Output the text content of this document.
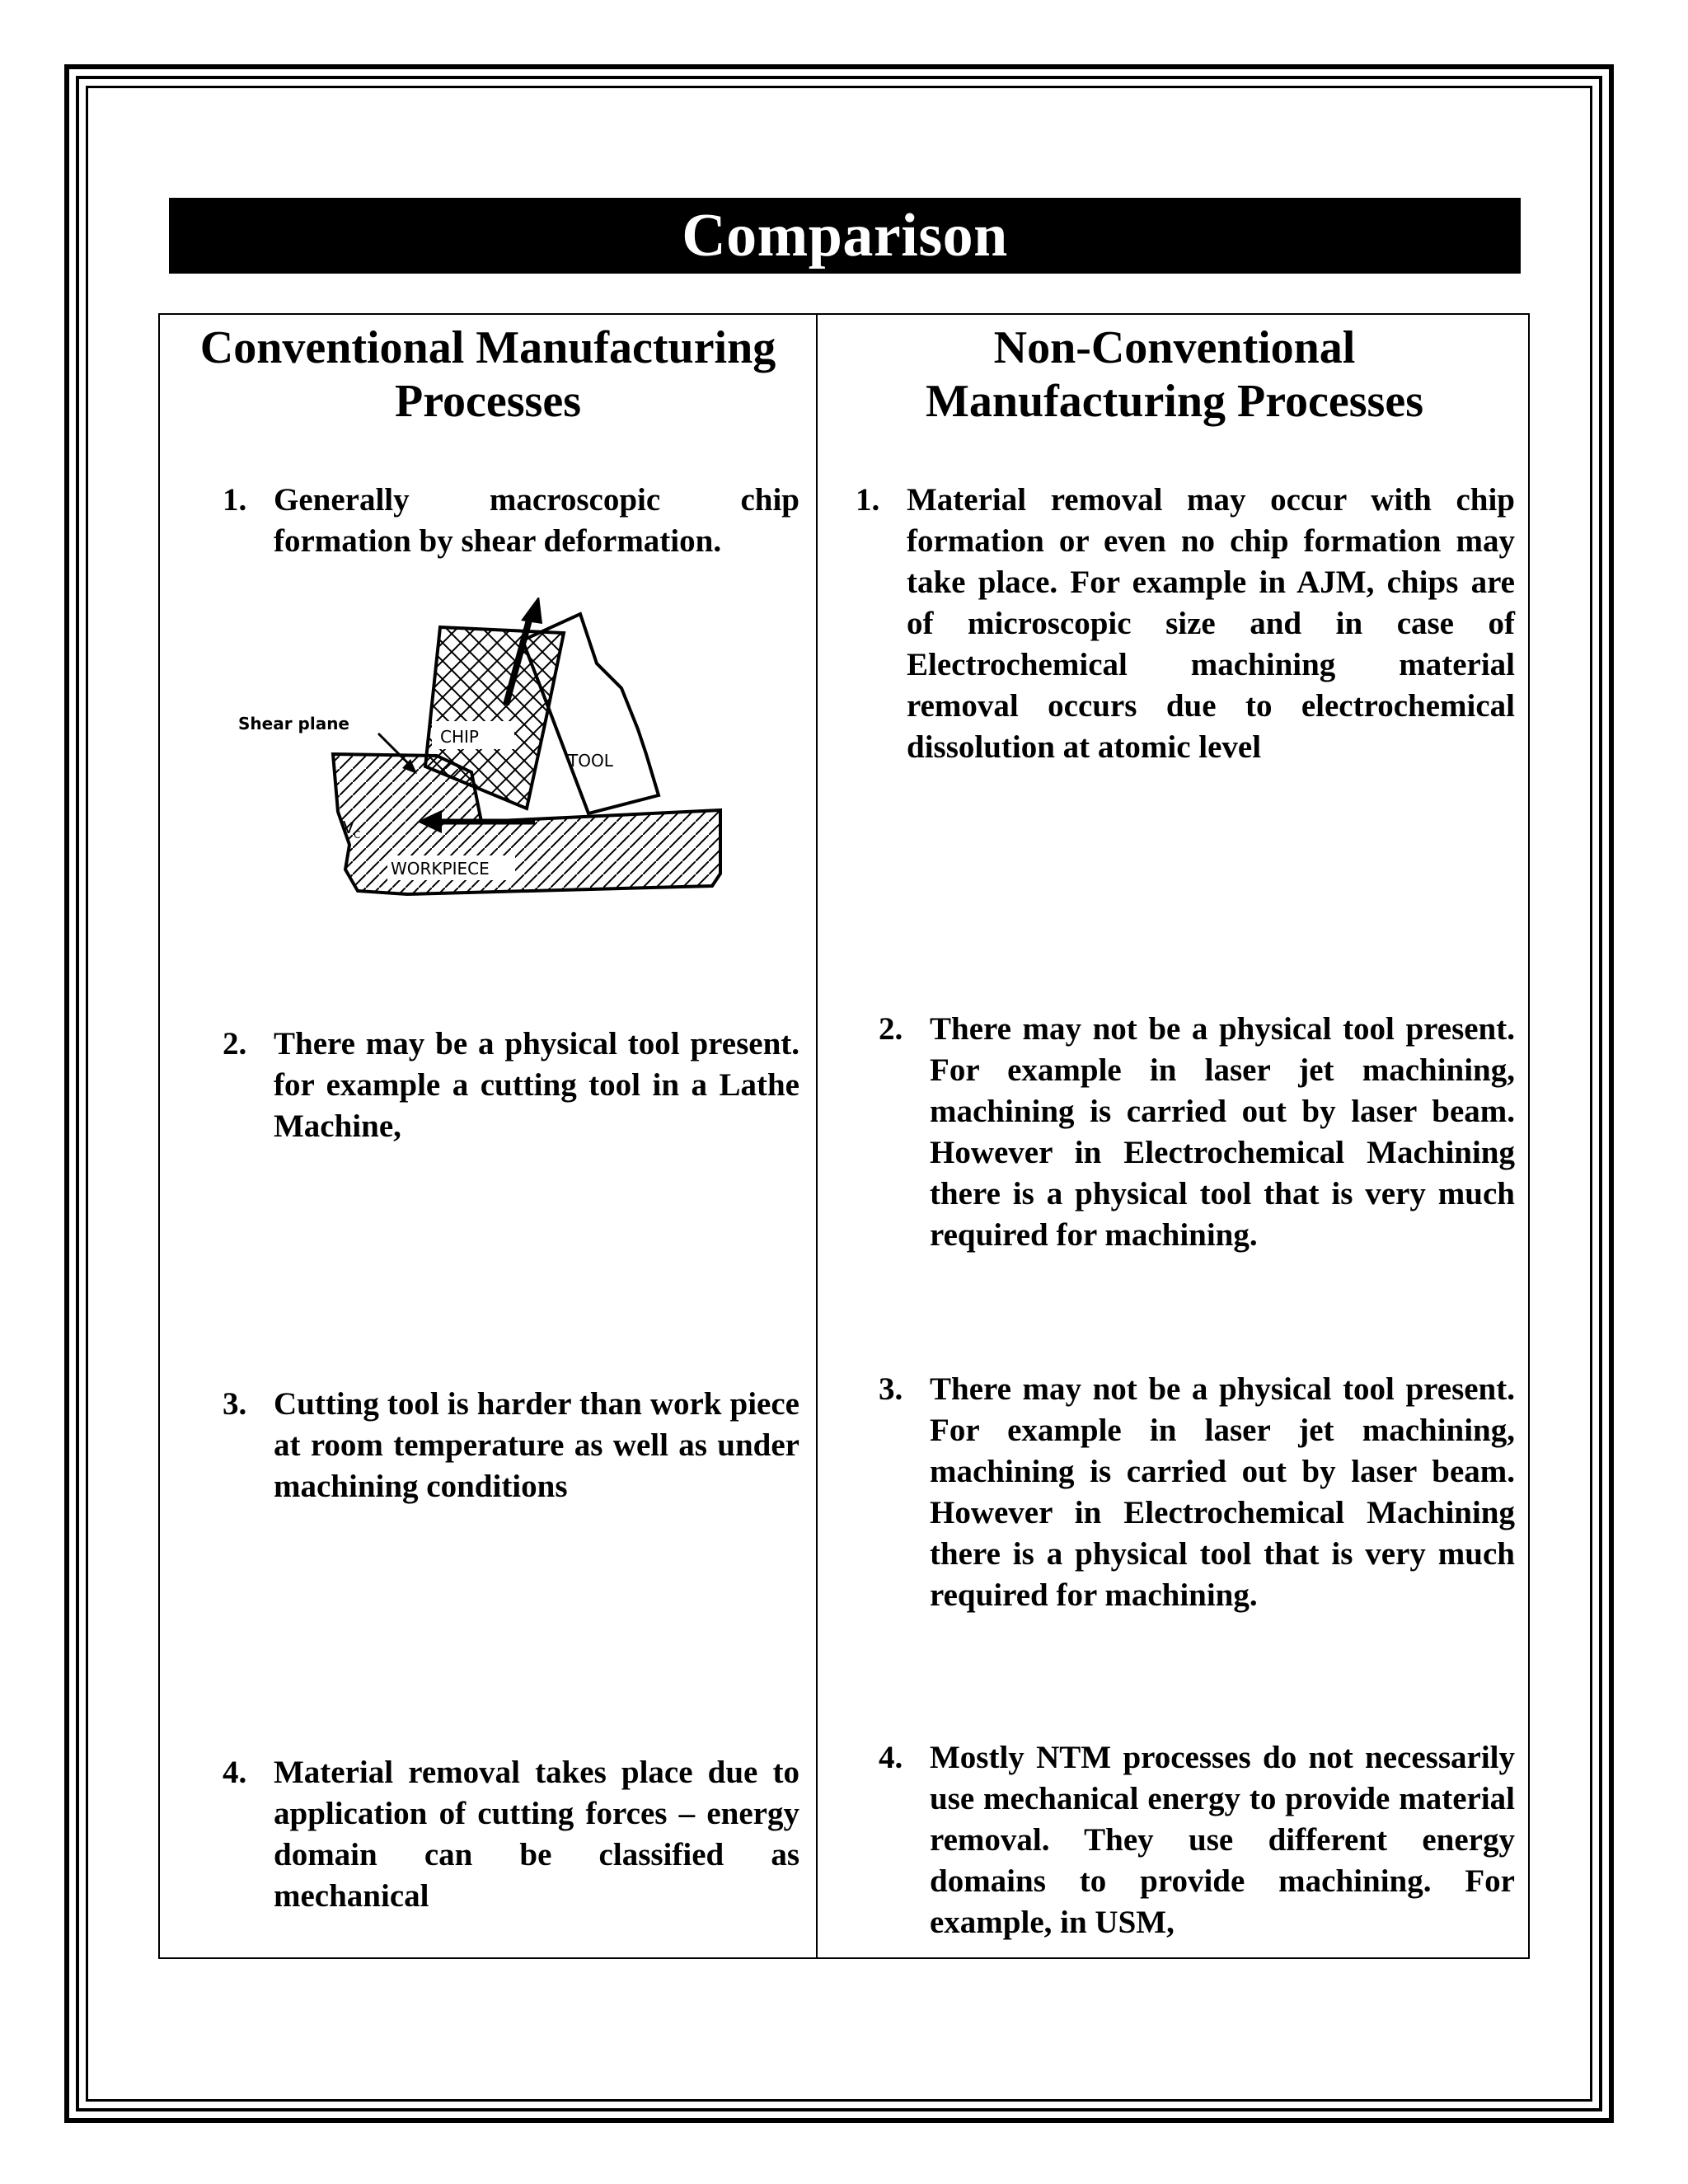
Comparison
Conventional Manufacturing
Processes
Non-Conventional
Manufacturing Processes
1. Generally macroscopic chip formation by shear deformation.
Shear plane
CHIP
TOOL
V C
WORKPIECE
2. There may be a physical tool present. for example a cutting tool in a Lathe Machine,
3. Cutting tool is harder than work piece at room temperature as well as under machining conditions
4. Material removal takes place due to application of cutting forces – energy domain can be classified as mechanical
1. Material removal may occur with chip formation or even no chip formation may take place. For example in AJM, chips are of microscopic size and in case of Electrochemical machining material removal occurs due to electrochemical dissolution at atomic level
2. There may not be a physical tool present. For example in laser jet machining, machining is carried out by laser beam. However in Electrochemical Machining there is a physical tool that is very much required for machining.
3. There may not be a physical tool present. For example in laser jet machining, machining is carried out by laser beam. However in Electrochemical Machining there is a physical tool that is very much required for machining.
4. Mostly NTM processes do not necessarily use mechanical energy to provide material removal. They use different energy domains to provide machining. For example, in USM,
